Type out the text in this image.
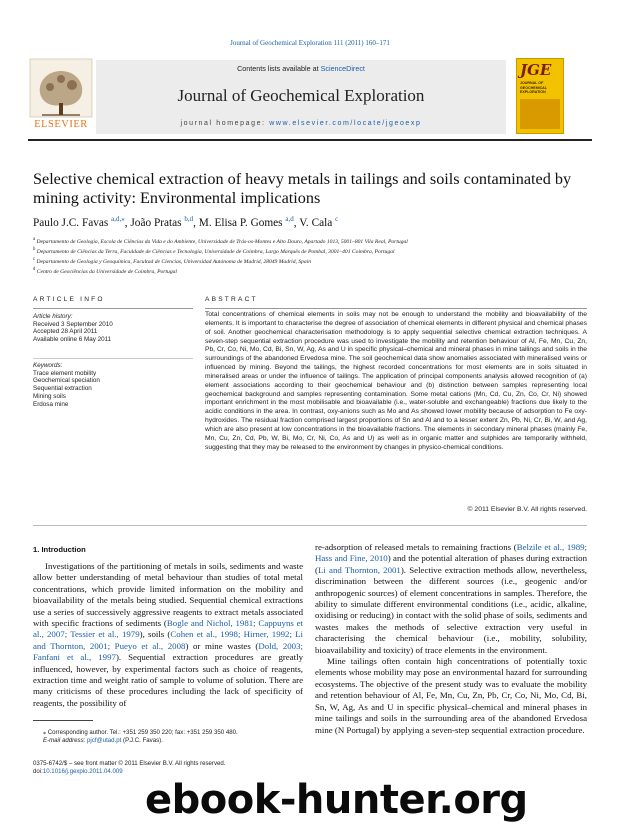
Journal of Geochemical Exploration 111 (2011) 160–171
Contents lists available at ScienceDirect
Journal of Geochemical Exploration
journal homepage: www.elsevier.com/locate/jgeoexp
ELSEVIER
JGE
JOURNAL OF
GEOCHEMICAL
EXPLORATION
Selective chemical extraction of heavy metals in tailings and soils contaminated by mining activity: Environmental implications
Paulo J.C. Favas $^{a,d,⁎}$, João Pratas $^{b,d}$, M. Elisa P. Gomes $^{a,d}$, V. Cala $^c$
$^a$ Departamento de Geologia, Escola de Ciências da Vida e do Ambiente, Universidade de Trás-os-Montes e Alto Douro, Apartado 1013, 5001–801 Vila Real, Portugal
$^b$ Departamento de Ciências da Terra, Faculdade de Ciências e Tecnologia, Universidade de Coimbra, Largo Marquês de Pombal, 3001–401 Coimbra, Portugal
$^c$ Departamento de Geología y Geoquímica, Facultad de Ciencias, Universidad Autónoma de Madrid, 28049 Madrid, Spain
$^d$ Centro de Geociências da Universidade de Coimbra, Portugal
ARTICLE INFO
Article history:
Received 3 September 2010
Accepted 28 April 2011
Available online 6 May 2011
Keywords:
Trace element mobility
Geochemical speciation
Sequential extraction
Mining soils
Erdosa mine
ABSTRACT
Total concentrations of chemical elements in soils may not be enough to understand the mobility and bioavailability of the elements. It is important to characterise the degree of association of chemical elements in different physical and chemical phases of soil. Another geochemical characterisation methodology is to apply sequential selective chemical extraction techniques. A seven-step sequential extraction procedure was used to investigate the mobility and retention behaviour of Al, Fe, Mn, Cu, Zn, Pb, Cr, Co, Ni, Mo, Cd, Bi, Sn, W, Ag, As and U in specific physical–chemical and mineral phases in mine tailings and soils in the surroundings of the abandoned Ervedosa mine. The soil geochemical data show anomalies associated with mineralised veins or influenced by mining. Beyond the tailings, the highest recorded concentrations for most elements are in soils situated in mineralised areas or under the influence of tailings. The application of principal components analysis allowed recognition of (a) element associations according to their geochemical behaviour and (b) distinction between samples representing local geochemical background and samples representing contamination. Some metal cations (Mn, Cd, Cu, Zn, Co, Cr, Ni) showed important enrichment in the most mobilisable and bioavailable (i.e., water-soluble and exchangeable) fractions due likely to the acidic conditions in the area. In contrast, oxy-anions such as Mo and As showed lower mobility because of adsorption to Fe oxy-hydroxides. The residual fraction comprised largest proportions of Sn and Al and to a lesser extent Zn, Pb, Ni, Cr, Bi, W, and Ag, which are also present at low concentrations in the bioavailable fractions. The elements in secondary mineral phases (mainly Fe, Mn, Cu, Zn, Cd, Pb, W, Bi, Mo, Cr, Ni, Co, As and U) as well as in organic matter and sulphides are temporarily withheld, suggesting that they may be released to the environment by changes in physico-chemical conditions.
© 2011 Elsevier B.V. All rights reserved.
1. Introduction

Investigations of the partitioning of metals in soils, sediments and waste allow better understanding of metal behaviour than studies of total metal concentrations, which provide limited information on the mobility and bioavailability of the metals being studied. Sequential chemical extractions use a series of successively aggressive reagents to extract metals associated with specific fractions of sediments (Bogle and Nichol, 1981; Cappuyns et al., 2007; Tessier et al., 1979), soils (Cohen et al., 1998; Hirner, 1992; Li and Thornton, 2001; Pueyo et al., 2008) or mine wastes (Dold, 2003; Fanfani et al., 1997). Sequential extraction procedures are greatly influenced, however, by experimental factors such as choice of reagents, extraction time and weight ratio of sample to volume of solution. There are many criticisms of these procedures including the lack of specificity of reagents, the possibility of

re-adsorption of released metals to remaining fractions (Belzile et al., 1989; Hass and Fine, 2010) and the potential alteration of phases during extraction (Li and Thornton, 2001). Selective extraction methods allow, nevertheless, discrimination between the different sources (i.e., geogenic and/or anthropogenic sources) of element concentrations in samples. Therefore, the ability to simulate different environmental conditions (i.e., acidic, alkaline, oxidising or reducing) in contact with the solid phase of soils, sediments and wastes makes the methods of selective extraction very useful in characterising the chemical behaviour (i.e., mobility, solubility, bioavailability and toxicity) of trace elements in the environment.

Mine tailings often contain high concentrations of potentially toxic elements whose mobility may pose an environmental hazard for surrounding ecosystems. The objective of the present study was to evaluate the mobility and retention behaviour of Al, Fe, Mn, Cu, Zn, Pb, Cr, Co, Ni, Mo, Cd, Bi, Sn, W, Ag, As and U in specific physical–chemical and mineral phases in mine tailings and soils in the surrounding area of the abandoned Ervedosa mine (N Portugal) by applying a seven-step sequential extraction procedure.

⁎ Corresponding author. Tel.: +351 259 350 220; fax: +351 259 350 480.
E-mail address: pjcf@utad.pt (P.J.C. Favas).
0375-6742/$ – see front matter © 2011 Elsevier B.V. All rights reserved.
doi:10.1016/j.gexplo.2011.04.009
ebook-hunter.org
